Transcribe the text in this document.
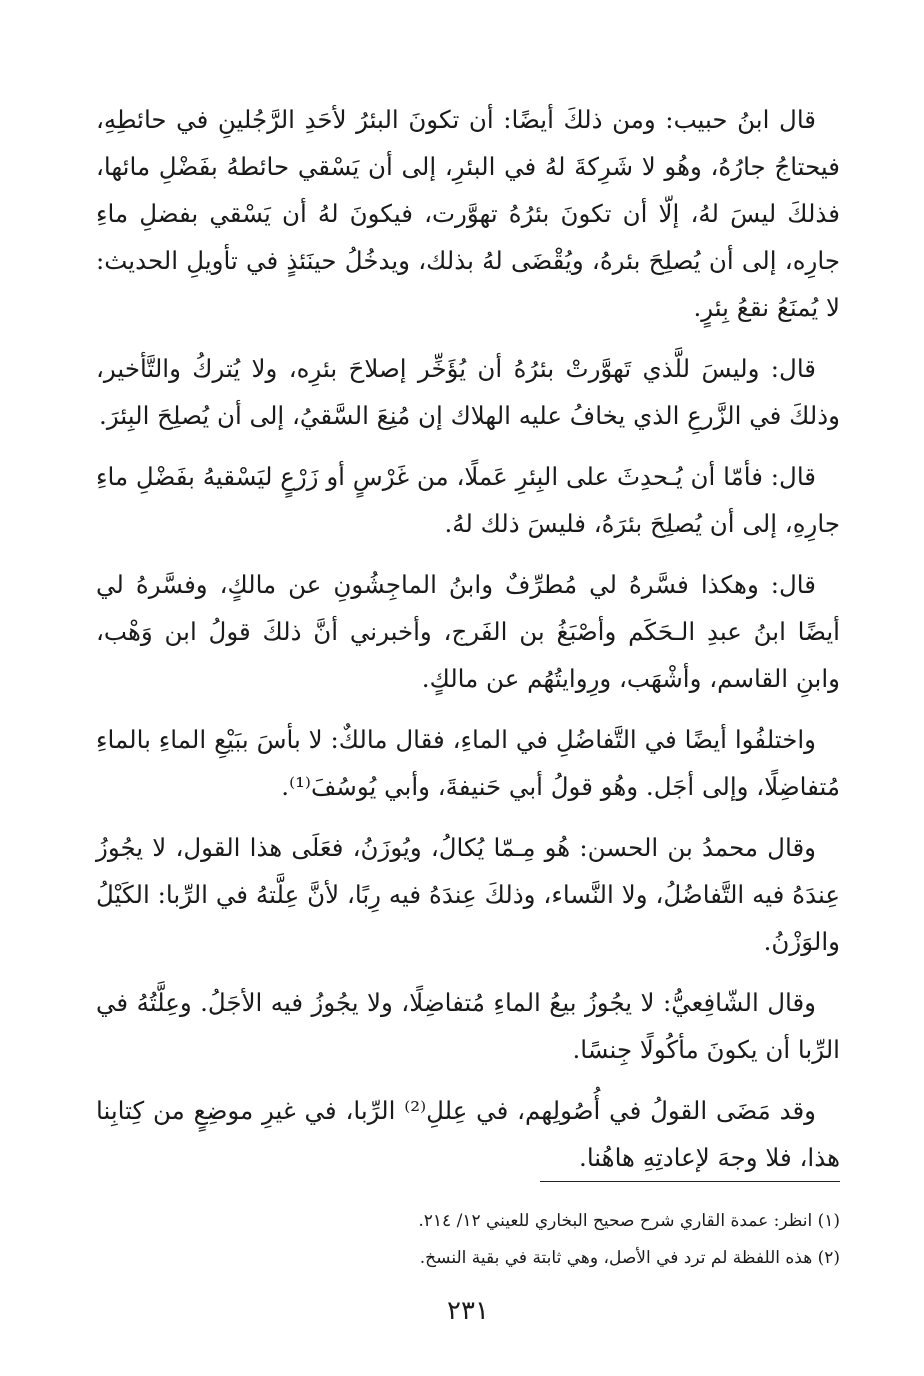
قال ابنُ حبيب: ومن ذلكَ أيضًا: أن تكونَ البئرُ لأحَدِ الرَّجُلينِ في حائطِهِ، فيحتاجُ جارُهُ، وهُو لا شَرِكةَ لهُ في البئرِ، إلى أن يَسْقي حائطهُ بفَضْلِ مائها، فذلكَ ليسَ لهُ، إلّا أن تكونَ بئرُهُ تهوَّرت، فيكونَ لهُ أن يَسْقي بفضلِ ماءِ جارِه، إلى أن يُصلِحَ بئرهُ، ويُقْضَى لهُ بذلك، ويدخُلُ حينَئذٍ في تأويلِ الحديث: لا يُمنَعُ نقعُ بِئرٍ.

قال: وليسَ للَّذي تَهوَّرتْ بئرُهُ أن يُؤَخِّر إصلاحَ بئرِه، ولا يُتركُ والتَّأخير، وذلكَ في الزَّرعِ الذي يخافُ عليه الهلاك إن مُنِعَ السَّقيُ، إلى أن يُصلِحَ البِئرَ.

قال: فأمّا أن يُـحدِثَ على البِئرِ عَملًا، من غَرْسٍ أو زَرْعٍ ليَسْقيهُ بفَضْلِ ماءِ جارِهِ، إلى أن يُصلِحَ بئرَهُ، فليسَ ذلك لهُ.

قال: وهكذا فسَّرهُ لي مُطرِّفٌ وابنُ الماجِشُونِ عن مالكٍ، وفسَّرهُ لي أيضًا ابنُ عبدِ الـحَكَم وأصْبَغُ بن الفَرج، وأخبرني أنَّ ذلكَ قولُ ابن وَهْب، وابنِ القاسم، وأشْهَب، ورِوايتُهُم عن مالكٍ.

واختلفُوا أيضًا في التَّفاضُلِ في الماءِ، فقال مالكٌ: لا بأسَ ببَيْعِ الماءِ بالماءِ مُتفاضِلًا، وإلى أجَل. وهُو قولُ أبي حَنيفةَ، وأبي يُوسُفَ⁽¹⁾.

وقال محمدُ بن الحسن: هُو مِـمّا يُكالُ، ويُوزَنُ، فعَلَى هذا القول، لا يجُوزُ عِندَهُ فيه التَّفاضُلُ، ولا النَّساء، وذلكَ عِندَهُ فيه رِبًا، لأنَّ عِلَّتهُ في الرِّبا: الكَيْلُ والوَزْنُ.

وقال الشّافِعيُّ: لا يجُوزُ بيعُ الماءِ مُتفاضِلًا، ولا يجُوزُ فيه الأجَلُ. وعِلَّتُهُ في الرِّبا أن يكونَ مأكُولًا جِنسًا.

وقد مَضَى القولُ في أُصُولِهم، في عِللِ⁽²⁾ الرِّبا، في غيرِ موضِعٍ من كِتابِنا هذا، فلا وجهَ لإعادتِهِ هاهُنا.

(١) انظر: عمدة القاري شرح صحيح البخاري للعيني ١٢/ ٢١٤.

(٢) هذه اللفظة لم ترد في الأصل، وهي ثابتة في بقية النسخ.

٢٣١
